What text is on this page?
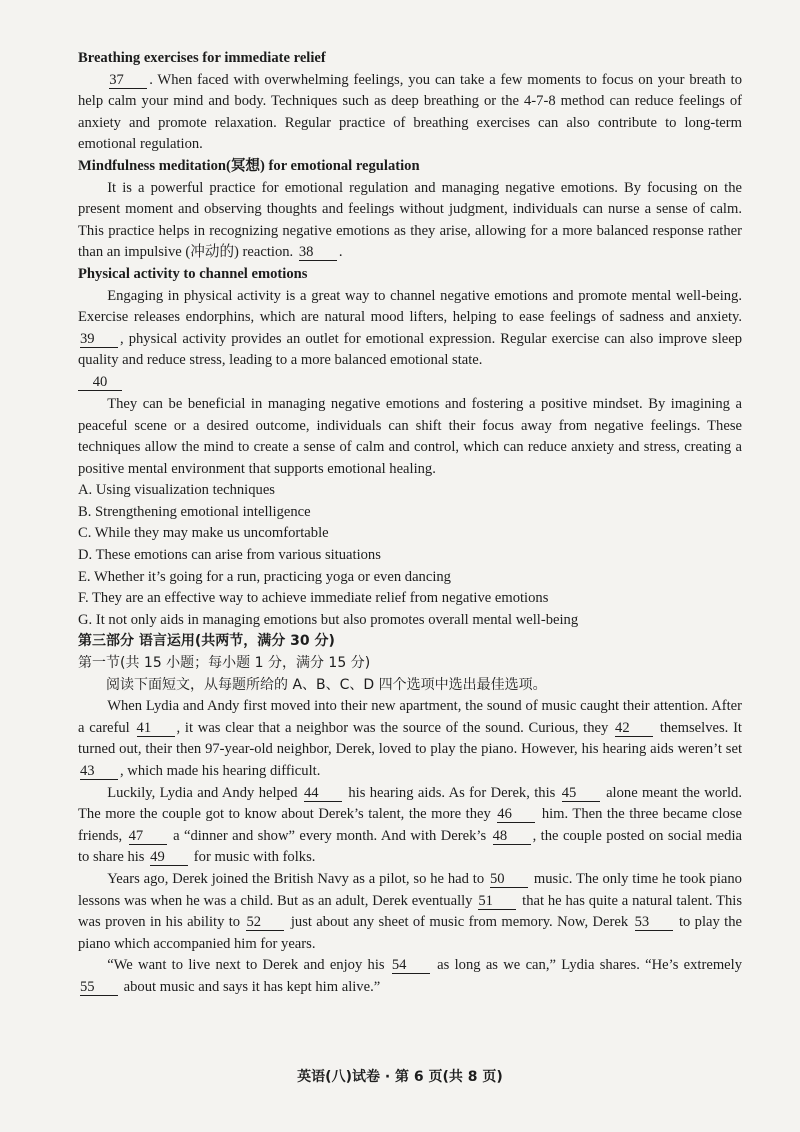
Breathing exercises for immediate relief

37 . When faced with overwhelming feelings, you can take a few moments to focus on your breath to help calm your mind and body. Techniques such as deep breathing or the 4-7-8 method can reduce feelings of anxiety and promote relaxation. Regular practice of breathing exercises can also contribute to long-term emotional regulation.

Mindfulness meditation(冥想) for emotional regulation

It is a powerful practice for emotional regulation and managing negative emotions. By focusing on the present moment and observing thoughts and feelings without judgment, individuals can nurse a sense of calm. This practice helps in recognizing negative emotions as they arise, allowing for a more balanced response rather than an impulsive (冲动的) reaction. 38 .

Physical activity to channel emotions

Engaging in physical activity is a great way to channel negative emotions and promote mental well-being. Exercise releases endorphins, which are natural mood lifters, helping to ease feelings of sadness and anxiety. 39 , physical activity provides an outlet for emotional expression. Regular exercise can also improve sleep quality and reduce stress, leading to a more balanced emotional state.

40

They can be beneficial in managing negative emotions and fostering a positive mindset. By imagining a peaceful scene or a desired outcome, individuals can shift their focus away from negative feelings. These techniques allow the mind to create a sense of calm and control, which can reduce anxiety and stress, creating a positive mental environment that supports emotional healing.

A. Using visualization techniques
B. Strengthening emotional intelligence
C. While they may make us uncomfortable
D. These emotions can arise from various situations
E. Whether it’s going for a run, practicing yoga or even dancing
F. They are an effective way to achieve immediate relief from negative emotions
G. It not only aids in managing emotions but also promotes overall mental well-being
第三部分 语言运用(共两节，满分 30 分)
第一节(共 15 小题；每小题 1 分，满分 15 分)
阅读下面短文，从每题所给的 A、B、C、D 四个选项中选出最佳选项。

When Lydia and Andy first moved into their new apartment, the sound of music caught their attention. After a careful 41 , it was clear that a neighbor was the source of the sound. Curious, they 42 themselves. It turned out, their then 97-year-old neighbor, Derek, loved to play the piano. However, his hearing aids weren’t set 43 , which made his hearing difficult.

Luckily, Lydia and Andy helped 44 his hearing aids. As for Derek, this 45 alone meant the world. The more the couple got to know about Derek’s talent, the more they 46 him. Then the three became close friends, 47 a “dinner and show” every month. And with Derek’s 48 , the couple posted on social media to share his 49 for music with folks.

Years ago, Derek joined the British Navy as a pilot, so he had to 50 music. The only time he took piano lessons was when he was a child. But as an adult, Derek eventually 51 that he has quite a natural talent. This was proven in his ability to 52 just about any sheet of music from memory. Now, Derek 53 to play the piano which accompanied him for years.

“We want to live next to Derek and enjoy his 54 as long as we can,” Lydia shares. “He’s extremely 55 about music and says it has kept him alive.”

英语(八)试卷 · 第 6 页(共 8 页)
